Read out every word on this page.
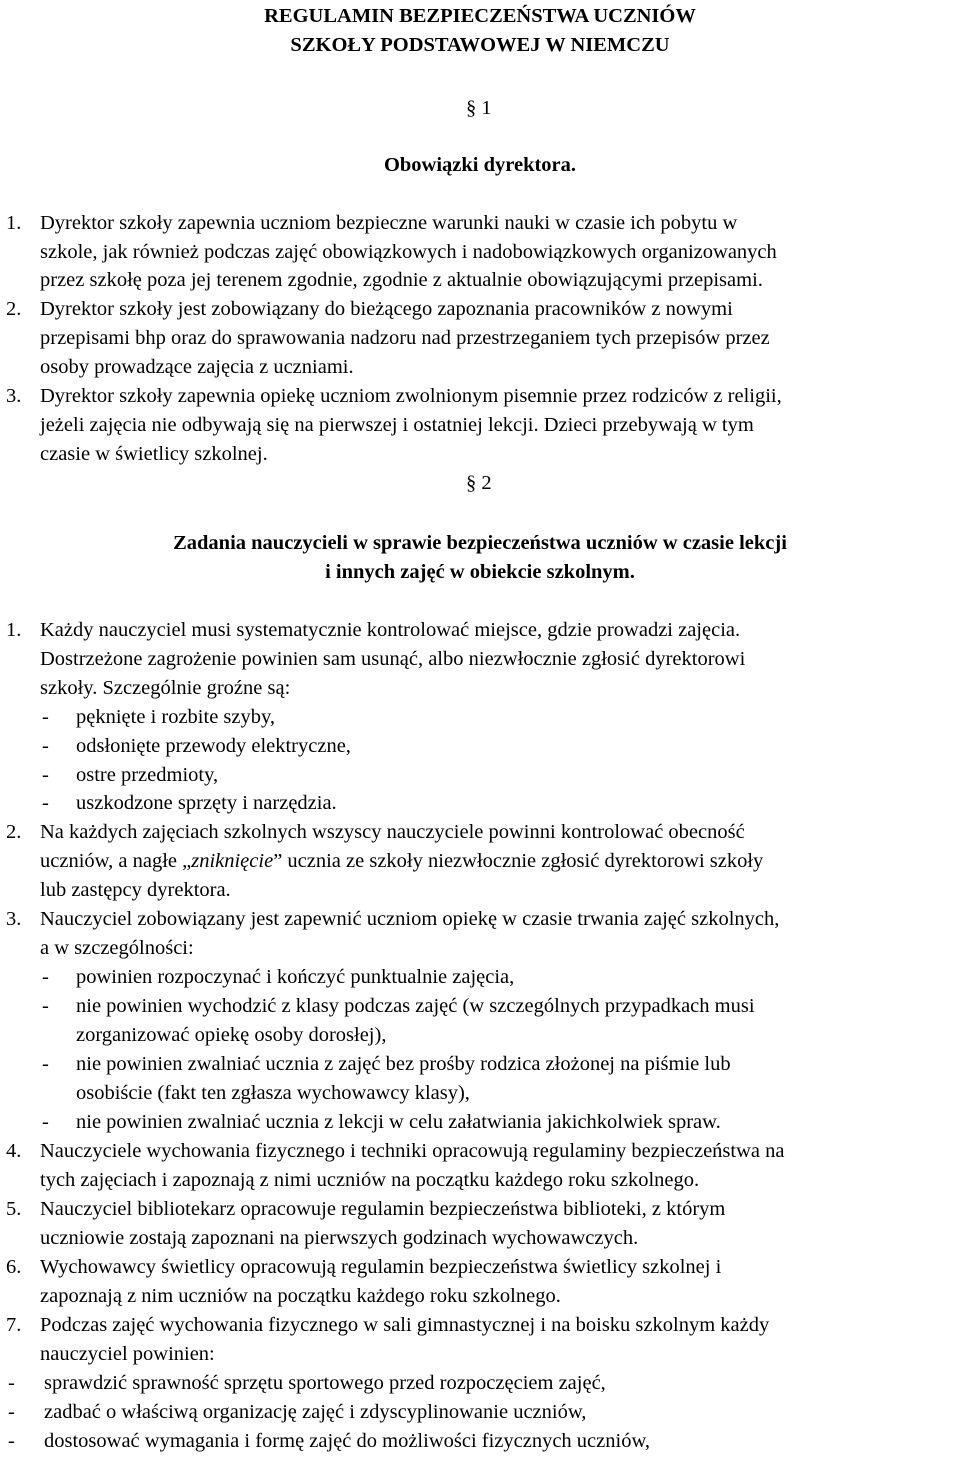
REGULAMIN BEZPIECZEŃSTWA UCZNIÓW
SZKOŁY PODSTAWOWEJ W NIEMCZU
§ 1
Obowiązki dyrektora.
1. Dyrektor szkoły zapewnia uczniom bezpieczne warunki nauki w czasie ich pobytu w
szkole, jak również podczas zajęć obowiązkowych i nadobowiązkowych organizowanych
przez szkołę poza jej terenem zgodnie, zgodnie z aktualnie obowiązującymi przepisami.
2. Dyrektor szkoły jest zobowiązany do bieżącego zapoznania pracowników z nowymi
przepisami bhp oraz do sprawowania nadzoru nad przestrzeganiem tych przepisów przez
osoby prowadzące zajęcia z uczniami.
3. Dyrektor szkoły zapewnia opiekę uczniom zwolnionym pisemnie przez rodziców z religii,
jeżeli zajęcia nie odbywają się na pierwszej i ostatniej lekcji. Dzieci przebywają w tym
czasie w świetlicy szkolnej.
§ 2
Zadania nauczycieli w sprawie bezpieczeństwa uczniów w czasie lekcji
i innych zajęć w obiekcie szkolnym.
1. Każdy nauczyciel musi systematycznie kontrolować miejsce, gdzie prowadzi zajęcia.
Dostrzeżone zagrożenie powinien sam usunąć, albo niezwłocznie zgłosić dyrektorowi
szkoły. Szczególnie groźne są:
- pęknięte i rozbite szyby,
- odsłonięte przewody elektryczne,
- ostre przedmioty,
- uszkodzone sprzęty i narzędzia.
2. Na każdych zajęciach szkolnych wszyscy nauczyciele powinni kontrolować obecność
uczniów, a nagłe „zniknięcie” ucznia ze szkoły niezwłocznie zgłosić dyrektorowi szkoły
lub zastępcy dyrektora.
3. Nauczyciel zobowiązany jest zapewnić uczniom opiekę w czasie trwania zajęć szkolnych,
a w szczególności:
- powinien rozpoczynać i kończyć punktualnie zajęcia,
- nie powinien wychodzić z klasy podczas zajęć (w szczególnych przypadkach musi
zorganizować opiekę osoby dorosłej),
- nie powinien zwalniać ucznia z zajęć bez prośby rodzica złożonej na piśmie lub
osobiście (fakt ten zgłasza wychowawcy klasy),
- nie powinien zwalniać ucznia z lekcji w celu załatwiania jakichkolwiek spraw.
4. Nauczyciele wychowania fizycznego i techniki opracowują regulaminy bezpieczeństwa na
tych zajęciach i zapoznają z nimi uczniów na początku każdego roku szkolnego.
5. Nauczyciel bibliotekarz opracowuje regulamin bezpieczeństwa biblioteki, z którym
uczniowie zostają zapoznani na pierwszych godzinach wychowawczych.
6. Wychowawcy świetlicy opracowują regulamin bezpieczeństwa świetlicy szkolnej i
zapoznają z nim uczniów na początku każdego roku szkolnego.
7. Podczas zajęć wychowania fizycznego w sali gimnastycznej i na boisku szkolnym każdy
nauczyciel powinien:
- sprawdzić sprawność sprzętu sportowego przed rozpoczęciem zajęć,
- zadbać o właściwą organizację zajęć i zdyscyplinowanie uczniów,
- dostosować wymagania i formę zajęć do możliwości fizycznych uczniów,
